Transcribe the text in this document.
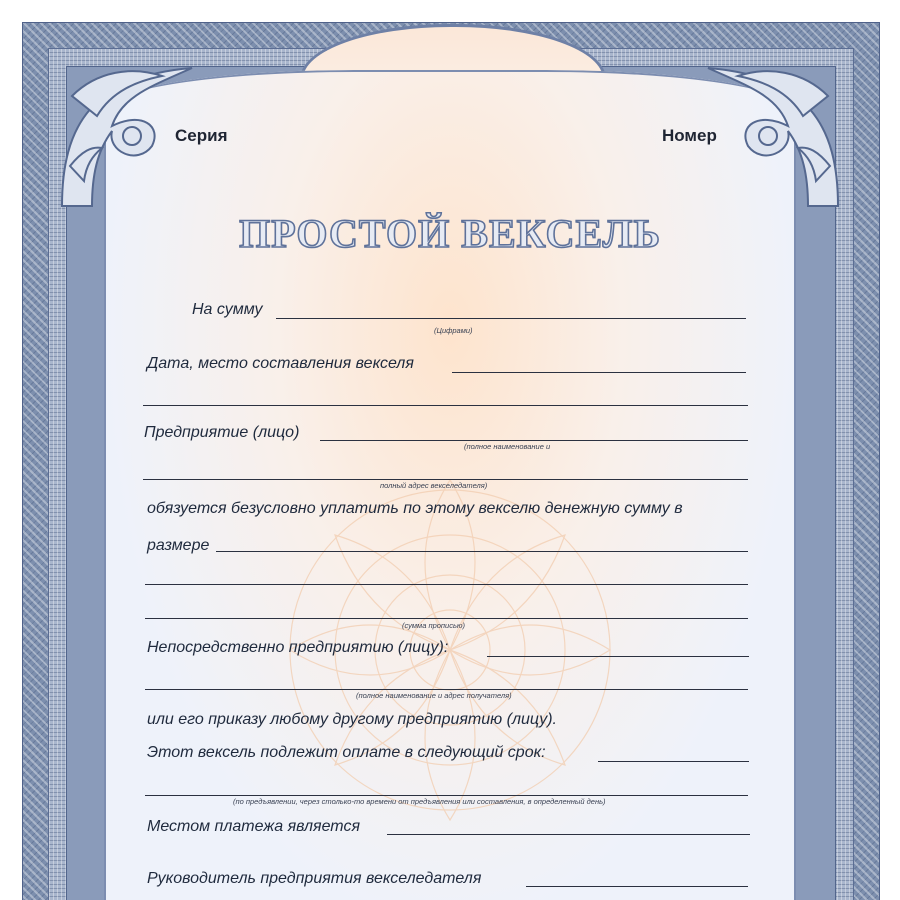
Серия	Номер
ПРОСТОЙ ВЕКСЕЛЬ
На сумму
(Цифрами)
Дата, место составления векселя
Предприятие (лицо)
(полное наименование и
полный адрес векселедателя)
обязуется безусловно уплатить по этому векселю денежную сумму в
размере
(сумма прописью)
Непосредственно предприятию (лицу):
(полное наименование и адрес получателя)
или его приказу любому другому предприятию (лицу).
Этот вексель подлежит оплате в следующий срок:
(по предъявлении, через столько-то времени от предъявления или составления, в определенный день)
Местом платежа является
Руководитель предприятия векселедателя
